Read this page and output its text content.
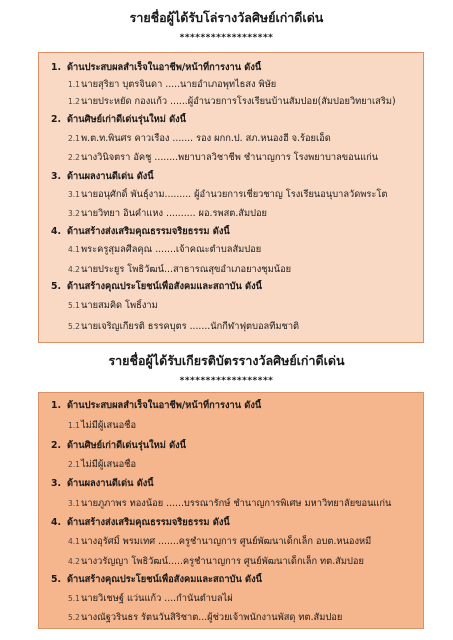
รายชื่อผู้ได้รับโล่รางวัลศิษย์เก่าดีเด่น
******************
1. ด้านประสบผลสำเร็จในอาชีพ/หน้าที่การงาน ดังนี้
1.1นายสุริยา บุตรจินดา .....นายอำเภอพุทไธสง พิษัย
1.2นายประหยัด กองแก้ว ......ผู้อำนวยการโรงเรียนบ้านสัมปอย(สัมปอยวิทยาเสริม)
2. ด้านศิษย์เก่าดีเด่นรุ่นใหม่ ดังนี้
2.1พ.ต.ท.พินศร คาวเรือง ....... รอง ผกก.ป. สภ.หนองฮี จ.ร้อยเอ็ด
2.2นางวินิจตรา อัคชู ........พยาบาลวิชาชีพ ชำนาญการ โรงพยาบาลขอนแก่น
3. ด้านผลงานดีเด่น ดังนี้
3.1นายอนุศักดิ์ พันธุ์งาม......... ผู้อำนวยการเชี่ยวชาญ โรงเรียนอนุบาลวัดพระโต
3.2นายวิทยา อินคำแหง .......... ผอ.รพสต.สัมปอย
4. ด้านสร้างส่งเสริมคุณธรรมจริยธรรม ดังนี้
4.1พระครูสุมลศีลคุณ .......เจ้าคณะตำบลสัมปอย
4.2นายประยูร โพธิวัฒน์...สาธารณสุขอำเภอยางชุมน้อย
5. ด้านสร้างคุณประโยชน์เพื่อสังคมและสถาบัน ดังนี้
5.1นายสมคิด โพธิ์งาม
5.2นายเจริญเกียรติ ธรรคบุตร .......นักกีฬาฟุตบอลทีมชาติ
รายชื่อผู้ได้รับเกียรติบัตรรางวัลศิษย์เก่าดีเด่น
******************
1. ด้านประสบผลสำเร็จในอาชีพ/หน้าที่การงาน ดังนี้
1.1ไม่มีผู้เสนอชื่อ
2. ด้านศิษย์เก่าดีเด่นรุ่นใหม่ ดังนี้
2.1ไม่มีผู้เสนอชื่อ
3. ด้านผลงานดีเด่น ดังนี้
3.1นายภูภาพร ทองน้อย ......บรรณารักษ์ ชำนาญการพิเศษ มหาวิทยาลัยขอนแก่น
4. ด้านสร้างส่งเสริมคุณธรรมจริยธรรม ดังนี้
4.1นางอุรัศมิ์ พรมเทศ .......ครูชำนาญการ ศูนย์พัฒนาเด็กเล็ก อบต.หนองหมี
4.2นางวรัญญา โพธิวัฒน์.....ครูชำนาญการ ศูนย์พัฒนาเด็กเล็ก ทต.สัมปอย
5. ด้านสร้างคุณประโยชน์เพื่อสังคมและสถาบัน ดังนี้
5.1นายวิเชษฐ์ แว่นแก้ว ....กำนันตำบลไผ่
5.2นางณัฐวรินธร รัตนวันสิริชาต...ผู้ช่วยเจ้าพนักงานพัสดุ ทต.สัมปอย
